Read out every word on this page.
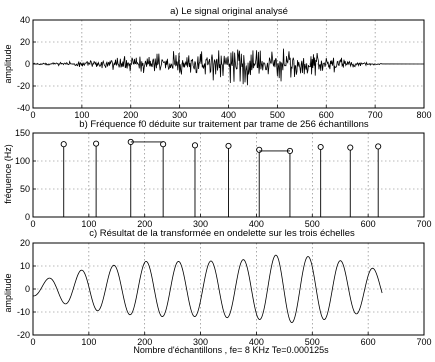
a) Le signal original analysé
amplitude
0	100	200	300	400	500	600	700	800
-40
-20
0
20
40
b) Fréquence f0 déduite sur traitement par trame de 256 échantillons
fréquence (Hz)
0	100	200	300	400	500	600	700
0
50
100
150
c) Résultat de la transformée en ondelette sur les trois échelles
amplitude
0	100	200	300	400	500	600	700
-20
-10
0
10
20
Nombre d'échantillons , fe= 8 KHz Te=0.000125s
